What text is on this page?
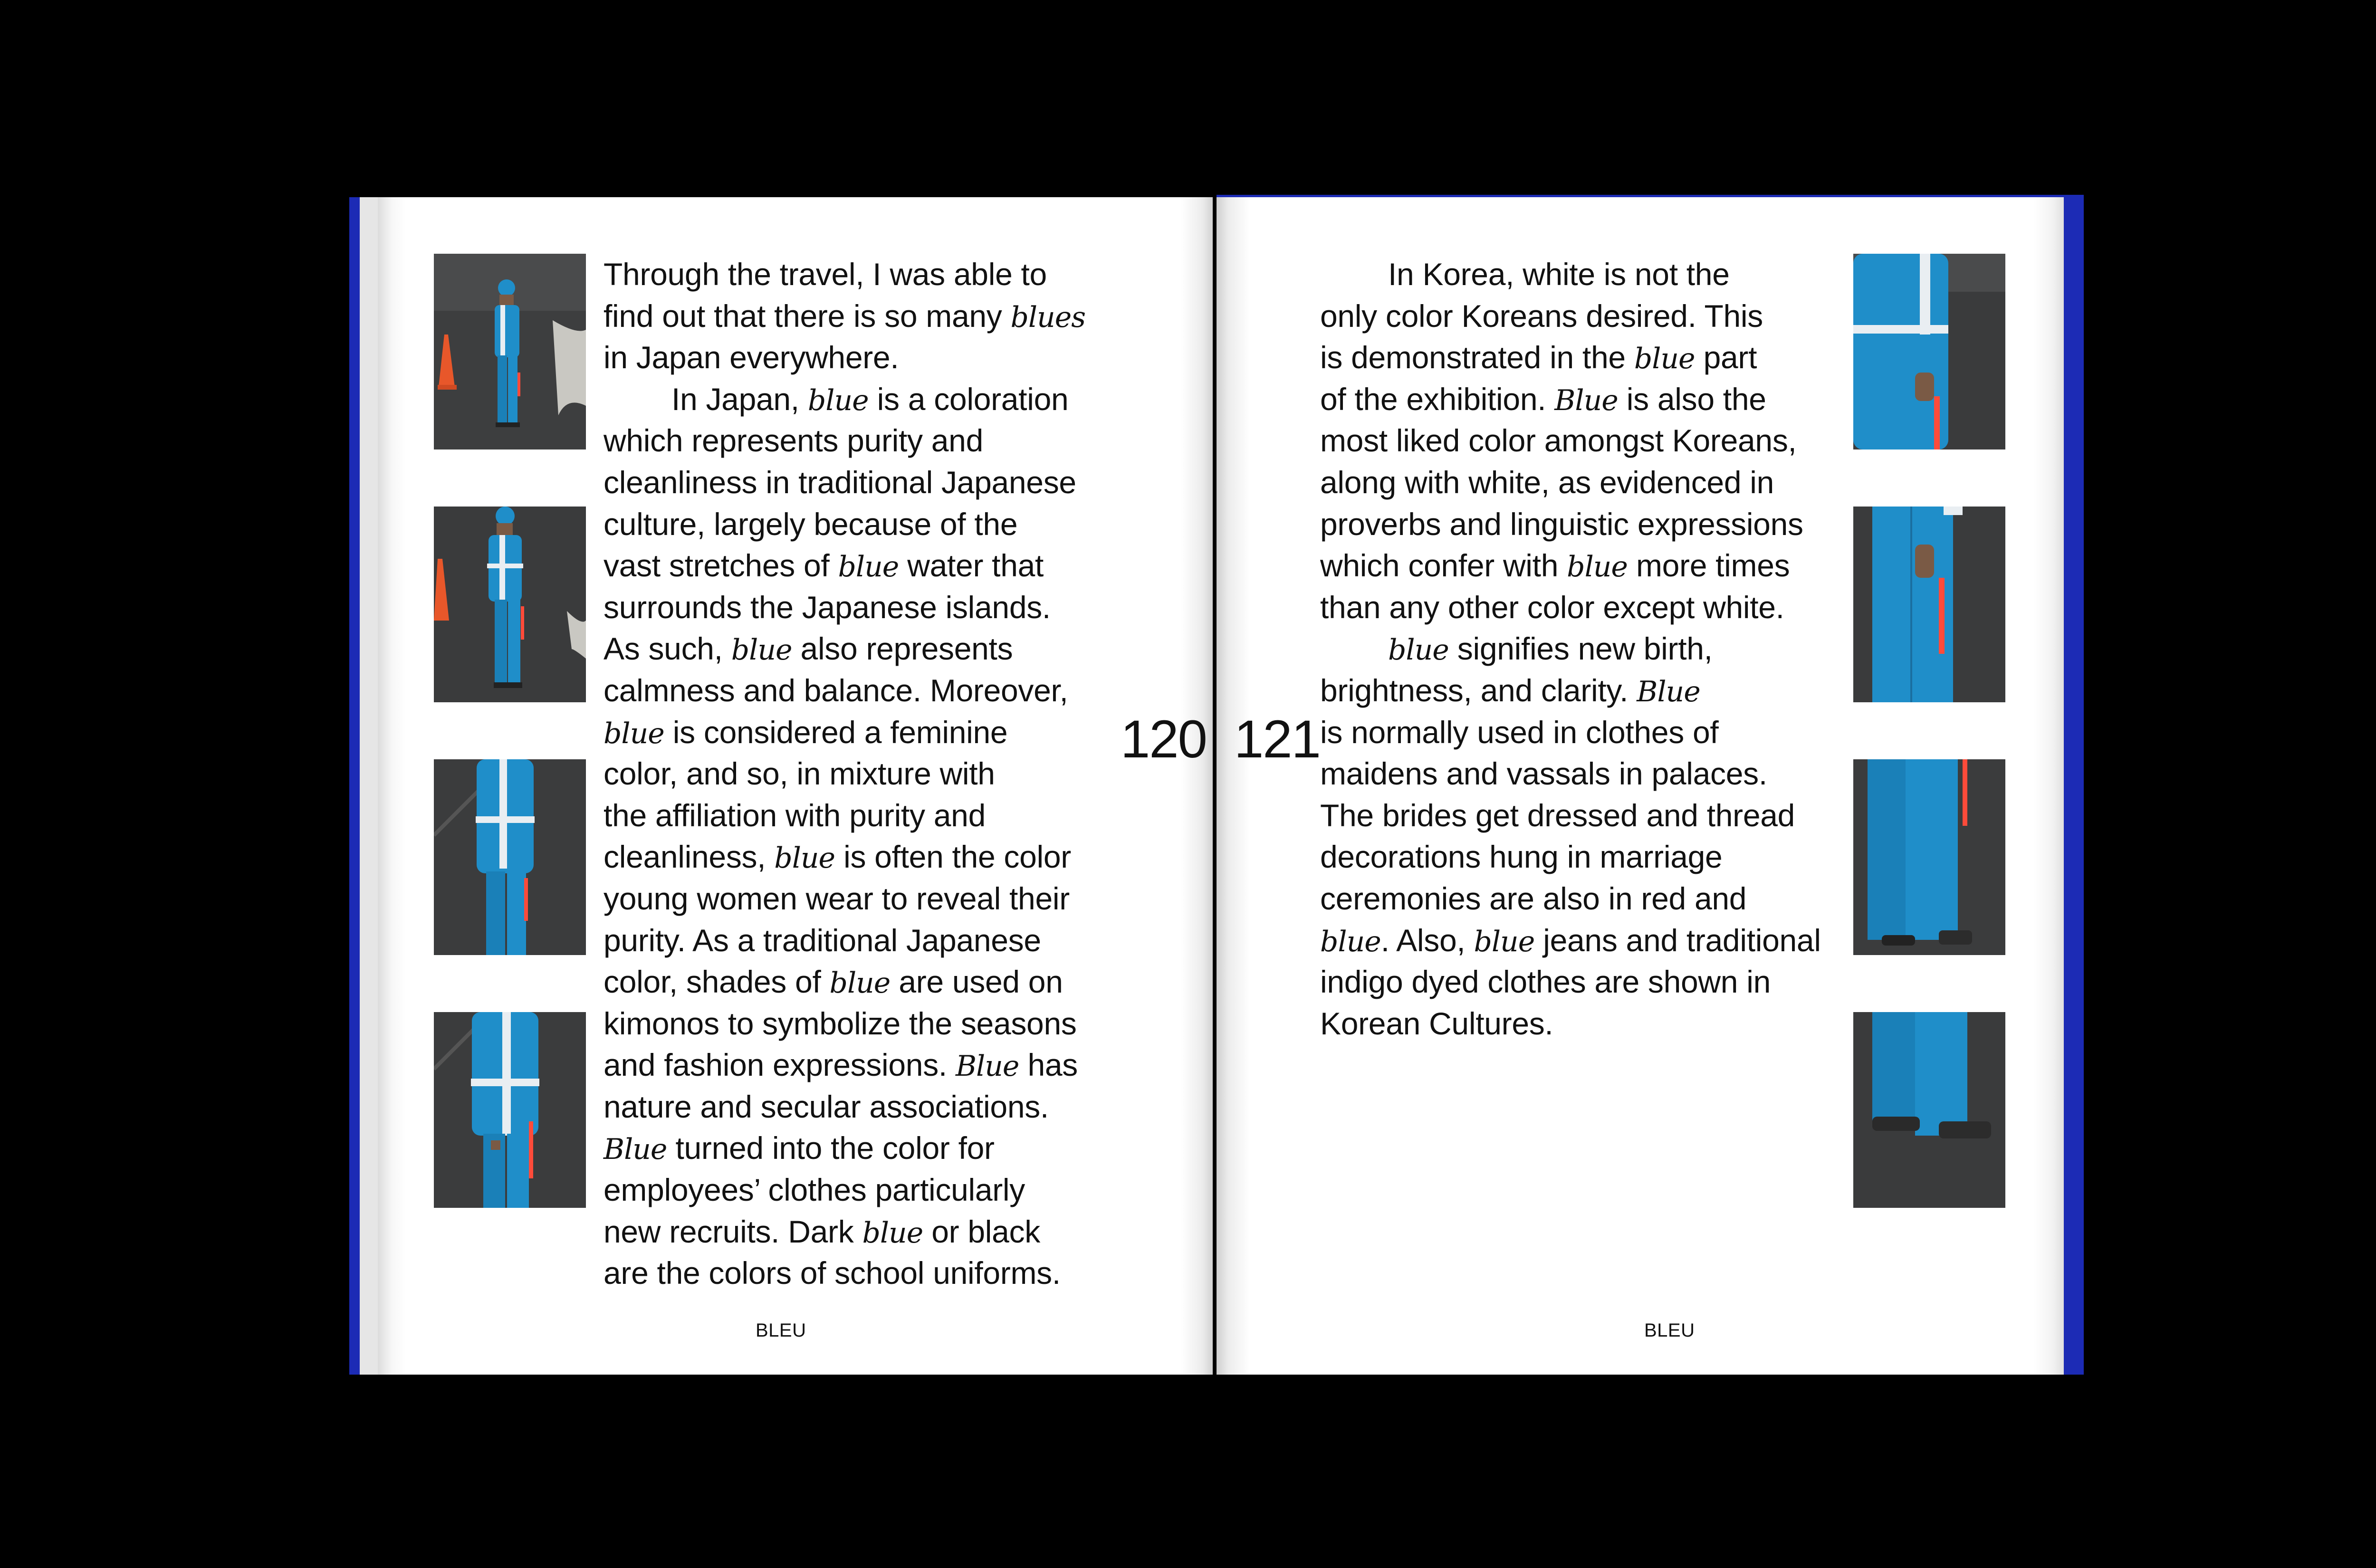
Through the travel, I was able to
find out that there is so many blues
in Japan everywhere.
In Japan, blue is a coloration
which represents purity and
cleanliness in traditional Japanese
culture, largely because of the
vast stretches of blue water that
surrounds the Japanese islands.
As such, blue also represents
calmness and balance. Moreover,
blue is considered a feminine
color, and so, in mixture with
the affiliation with purity and
cleanliness, blue is often the color
young women wear to reveal their
purity. As a traditional Japanese
color, shades of blue are used on
kimonos to symbolize the seasons
and fashion expressions. Blue has
nature and secular associations.
Blue turned into the color for
employees’ clothes particularly
new recruits. Dark blue or black
are the colors of school uniforms.
120
BLEU
121
In Korea, white is not the
only color Koreans desired. This
is demonstrated in the blue part
of the exhibition. Blue is also the
most liked color amongst Koreans,
along with white, as evidenced in
proverbs and linguistic expressions
which confer with blue more times
than any other color except white.
blue signifies new birth,
brightness, and clarity. Blue
is normally used in clothes of
maidens and vassals in palaces.
The brides get dressed and thread
decorations hung in marriage
ceremonies are also in red and
blue. Also, blue jeans and traditional
indigo dyed clothes are shown in
Korean Cultures.
BLEU
